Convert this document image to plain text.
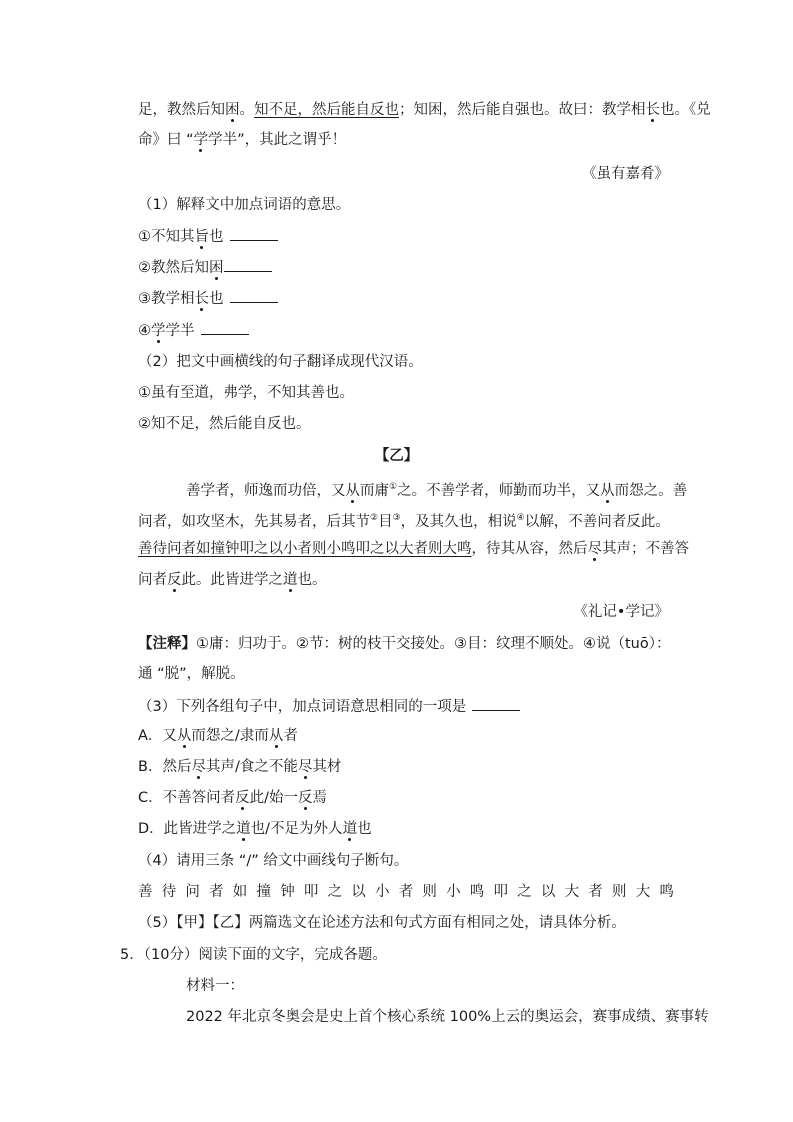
足，教然后知困。知不足，然后能自反也；知困，然后能自强也。故曰：教学相长也。《兑
命》曰 “学学半”，其此之谓乎！
《虽有嘉肴》
（1）解释文中加点词语的意思。
①不知其旨也
②教然后知困
③教学相长也
④学学半
（2）把文中画横线的句子翻译成现代汉语。
①虽有至道，弗学，不知其善也。
②知不足，然后能自反也。
【乙】
善学者，师逸而功倍，又从而庸①之。不善学者，师勤而功半，又从而怨之。善
问者，如攻坚木，先其易者，后其节②目③，及其久也，相说④以解，不善问者反此。
善待问者如撞钟叩之以小者则小鸣叩之以大者则大鸣，待其从容，然后尽其声；不善答
问者反此。此皆进学之道也。
《礼记•学记》
【注释】①庸：归功于。②节：树的枝干交接处。③目：纹理不顺处。④说（tuō）：
通 “脱”，解脱。
（3）下列各组句子中，加点词语意思相同的一项是
A．又从而怨之/隶而从者
B．然后尽其声/食之不能尽其材
C．不善答问者反此/始一反焉
D．此皆进学之道也/不足为外人道也
（4）请用三条 “/” 给文中画线句子断句。
善待问者如撞钟叩之以小者则小鸣叩之以大者则大鸣
（5）【甲】【乙】两篇选文在论述方法和句式方面有相同之处，请具体分析。
5．（10分）阅读下面的文字，完成各题。
材料一：
2022 年北京冬奥会是史上首个核心系统 100%上云的奥运会，赛事成绩、赛事转
